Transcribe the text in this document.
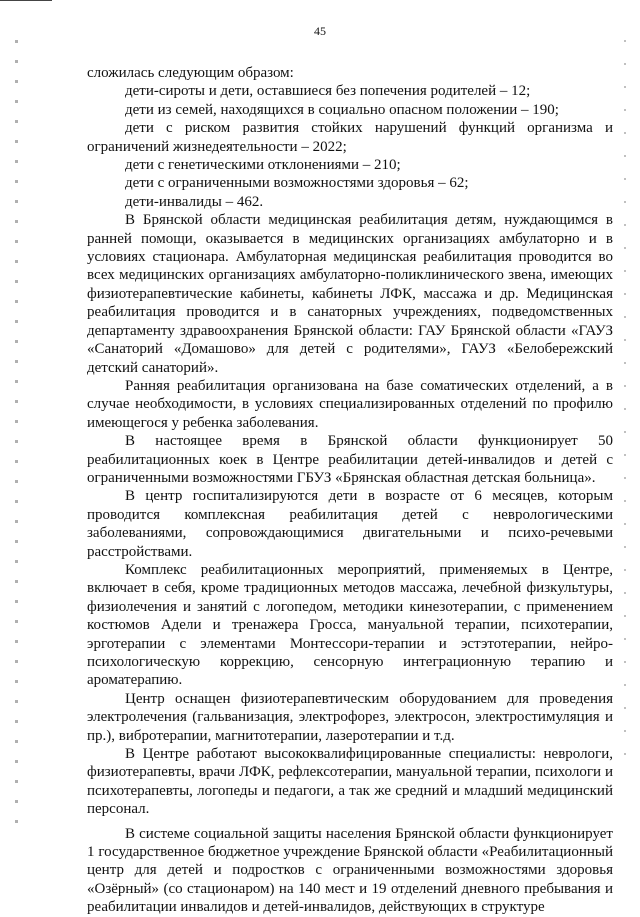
45

сложилась следующим образом:

дети-сироты и дети, оставшиеся без попечения родителей – 12;

дети из семей, находящихся в социально опасном положении – 190;

дети с риском развития стойких нарушений функций организма и ограничений жизнедеятельности – 2022;

дети с генетическими отклонениями – 210;

дети с ограниченными возможностями здоровья – 62;

дети-инвалиды – 462.

В Брянской области медицинская реабилитация детям, нуждающимся в ранней помощи, оказывается в медицинских организациях амбулаторно и в условиях стационара. Амбулаторная медицинская реабилитация проводится во всех медицинских организациях амбулаторно-поликлинического звена, имеющих физиотерапевтические кабинеты, кабинеты ЛФК, массажа и др. Медицинская реабилитация проводится и в санаторных учреждениях, подведомственных департаменту здравоохранения Брянской области: ГАУ Брянской области «ГАУЗ «Санаторий «Домашово» для детей с родителями», ГАУЗ «Белобережский детский санаторий».

Ранняя реабилитация организована на базе соматических отделений, а в случае необходимости, в условиях специализированных отделений по профилю имеющегося у ребенка заболевания.

В настоящее время в Брянской области функционирует 50 реабилитационных коек в Центре реабилитации детей-инвалидов и детей с ограниченными возможностями ГБУЗ «Брянская областная детская больница».

В центр госпитализируются дети в возрасте от 6 месяцев, которым проводится комплексная реабилитация детей с неврологическими заболеваниями, сопровождающимися двигательными и психо-речевыми расстройствами.

Комплекс реабилитационных мероприятий, применяемых в Центре, включает в себя, кроме традиционных методов массажа, лечебной физкультуры, физиолечения и занятий с логопедом, методики кинезотерапии, с применением костюмов Адели и тренажера Гросса, мануальной терапии, психотерапии, эрготерапии с элементами Монтессори-терапии и эстэтотерапии, нейро-психологическую коррекцию, сенсорную интеграционную терапию и ароматерапию.

Центр оснащен физиотерапевтическим оборудованием для проведения электролечения (гальванизация, электрофорез, электросон, электростимуляция и пр.), вибротерапии, магнитотерапии, лазеротерапии и т.д.

В Центре работают высококвалифицированные специалисты: неврологи, физиотерапевты, врачи ЛФК, рефлексотерапии, мануальной терапии, психологи и психотерапевты, логопеды и педагоги, а так же средний и младший медицинский персонал.

В системе социальной защиты населения Брянской области функционирует 1 государственное бюджетное учреждение Брянской области «Реабилитационный центр для детей и подростков с ограниченными возможностями здоровья «Озёрный» (со стационаром) на 140 мест и 19 отделений дневного пребывания и реабилитации инвалидов и детей-инвалидов, действующих в структуре
